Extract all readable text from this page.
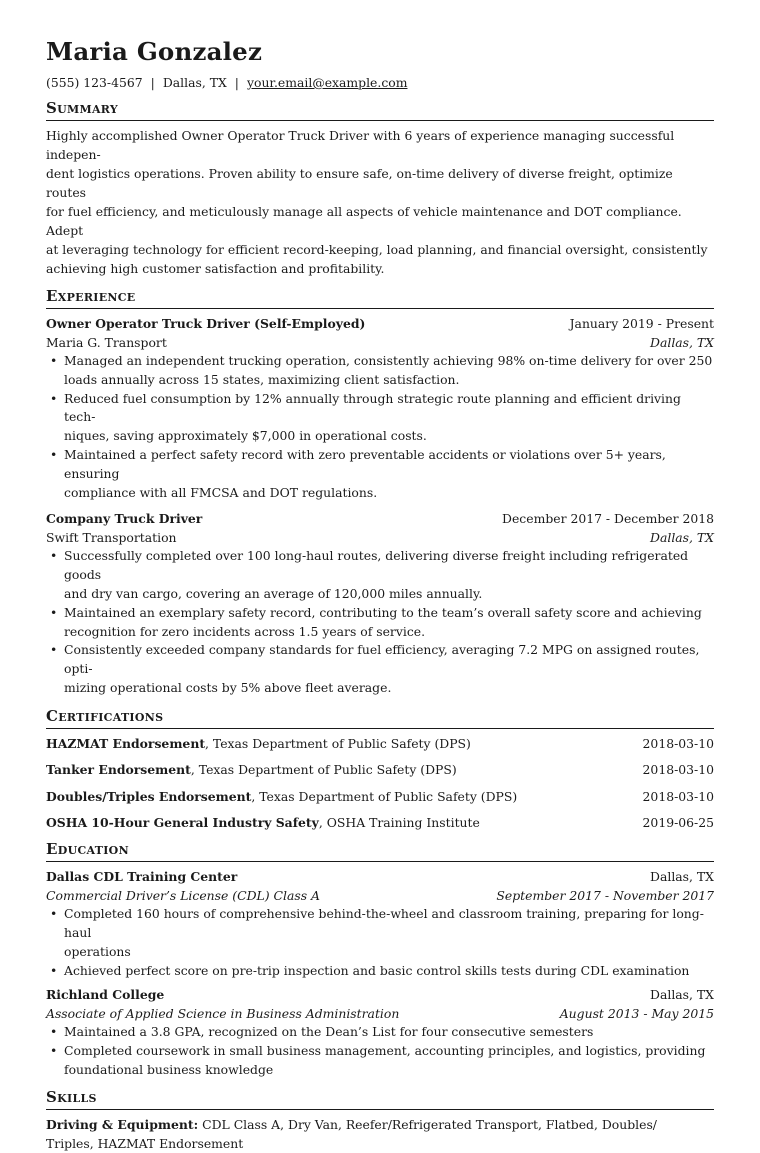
Maria Gonzalez
(555) 123-4567 | Dallas, TX | your.email@example.com
Summary
Highly accomplished Owner Operator Truck Driver with 6 years of experience managing successful indepen-
dent logistics operations. Proven ability to ensure safe, on-time delivery of diverse freight, optimize routes
for fuel efficiency, and meticulously manage all aspects of vehicle maintenance and DOT compliance. Adept
at leveraging technology for efficient record-keeping, load planning, and financial oversight, consistently
achieving high customer satisfaction and profitability.
Experience
Owner Operator Truck Driver (Self-Employed)	January 2019 - Present
Maria G. Transport	Dallas, TX
• Managed an independent trucking operation, consistently achieving 98% on-time delivery for over 250
loads annually across 15 states, maximizing client satisfaction.
• Reduced fuel consumption by 12% annually through strategic route planning and efficient driving tech-
niques, saving approximately $7,000 in operational costs.
• Maintained a perfect safety record with zero preventable accidents or violations over 5+ years, ensuring
compliance with all FMCSA and DOT regulations.
Company Truck Driver	December 2017 - December 2018
Swift Transportation	Dallas, TX
• Successfully completed over 100 long-haul routes, delivering diverse freight including refrigerated goods
and dry van cargo, covering an average of 120,000 miles annually.
• Maintained an exemplary safety record, contributing to the team’s overall safety score and achieving
recognition for zero incidents across 1.5 years of service.
• Consistently exceeded company standards for fuel efficiency, averaging 7.2 MPG on assigned routes, opti-
mizing operational costs by 5% above fleet average.
Certifications
HAZMAT Endorsement, Texas Department of Public Safety (DPS)	2018-03-10
Tanker Endorsement, Texas Department of Public Safety (DPS)	2018-03-10
Doubles/Triples Endorsement, Texas Department of Public Safety (DPS)	2018-03-10
OSHA 10-Hour General Industry Safety, OSHA Training Institute	2019-06-25
Education
Dallas CDL Training Center	Dallas, TX
Commercial Driver’s License (CDL) Class A	September 2017 - November 2017
• Completed 160 hours of comprehensive behind-the-wheel and classroom training, preparing for long-haul
operations
• Achieved perfect score on pre-trip inspection and basic control skills tests during CDL examination
Richland College	Dallas, TX
Associate of Applied Science in Business Administration	August 2013 - May 2015
• Maintained a 3.8 GPA, recognized on the Dean’s List for four consecutive semesters
• Completed coursework in small business management, accounting principles, and logistics, providing
foundational business knowledge
Skills
Driving & Equipment: CDL Class A, Dry Van, Reefer/Refrigerated Transport, Flatbed, Doubles/
Triples, HAZMAT Endorsement
